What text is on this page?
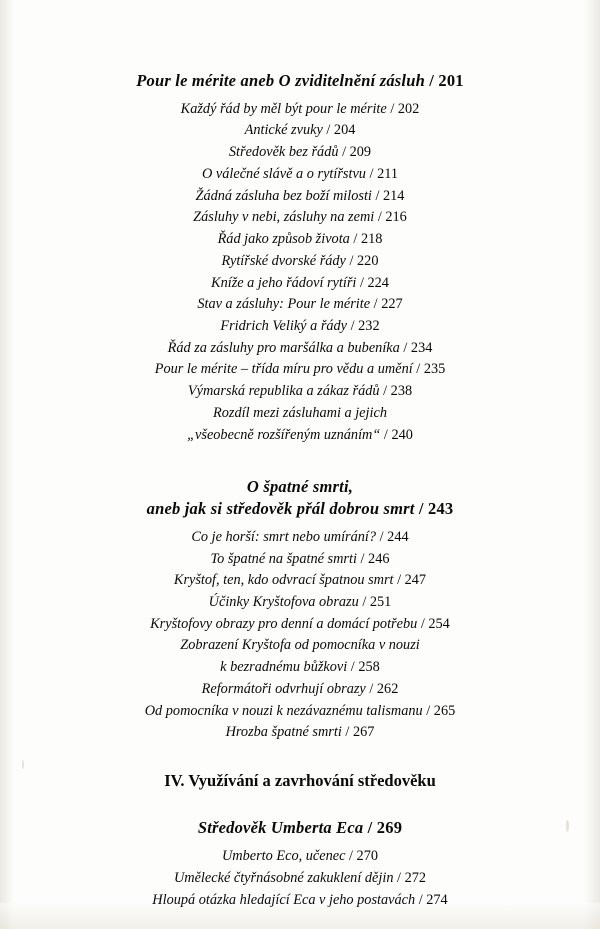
Pour le mérite aneb O zviditelnění zásluh / 201
Každý řád by měl být pour le mérite / 202
Antické zvuky / 204
Středověk bez řádů / 209
O válečné slávě a o rytířstvu / 211
Žádná zásluha bez boží milosti / 214
Zásluhy v nebi, zásluhy na zemi / 216
Řád jako způsob života / 218
Rytířské dvorské řády / 220
Kníže a jeho řádoví rytíři / 224
Stav a zásluhy: Pour le mérite / 227
Fridrich Veliký a řády / 232
Řád za zásluhy pro maršálka a bubeníka / 234
Pour le mérite – třída míru pro vědu a umění / 235
Výmarská republika a zákaz řádů / 238
Rozdíl mezi zásluhami a jejich
„všeobecně rozšířeným uznáním“ / 240
O špatné smrti,
aneb jak si středověk přál dobrou smrt / 243
Co je horší: smrt nebo umírání? / 244
To špatné na špatné smrti / 246
Kryštof, ten, kdo odvrací špatnou smrt / 247
Účinky Kryštofova obrazu / 251
Kryštofovy obrazy pro denní a domácí potřebu / 254
Zobrazení Kryštofa od pomocníka v nouzi
k bezradnému bůžkovi / 258
Reformátoři odvrhují obrazy / 262
Od pomocníka v nouzi k nezávaznému talismanu / 265
Hrozba špatné smrti / 267
IV. Využívání a zavrhování středověku
Středověk Umberta Eca / 269
Umberto Eco, učenec / 270
Umělecké čtyřnásobné zakuklení dějin / 272
Hloupá otázka hledající Eca v jeho postavách / 274
